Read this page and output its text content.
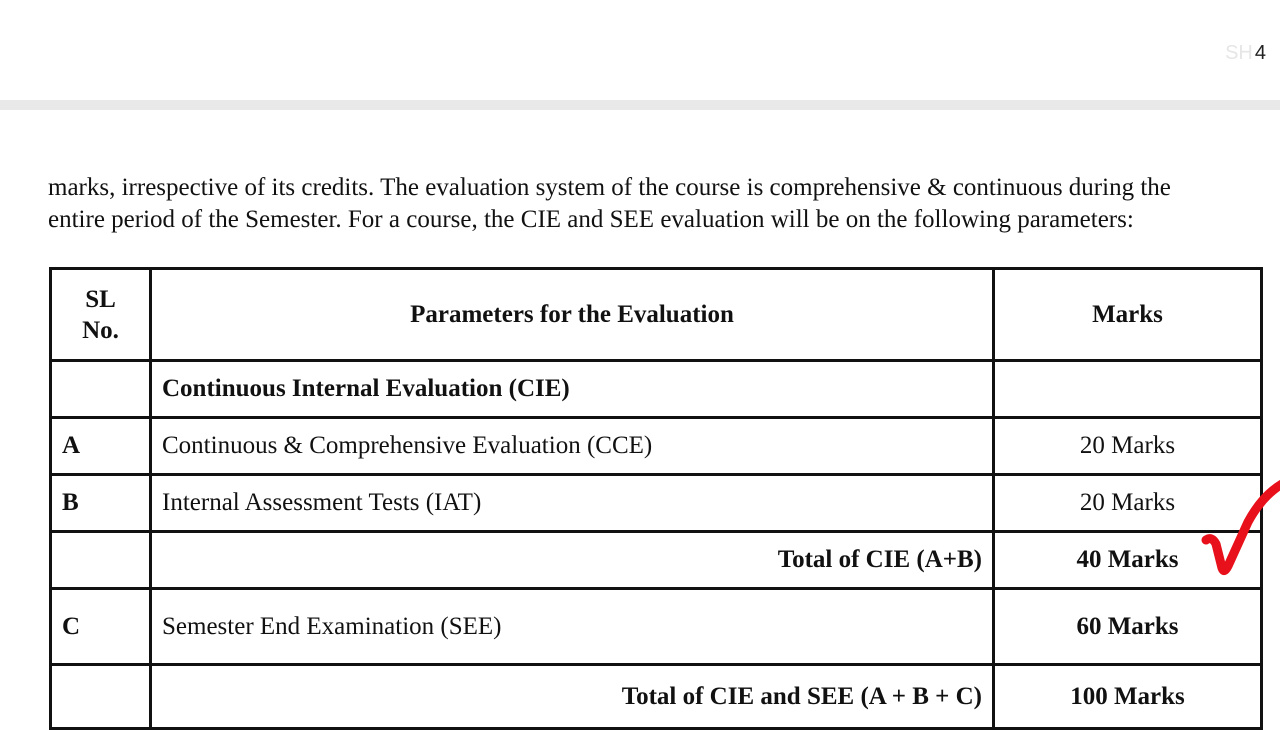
SH 4
marks, irrespective of its credits. The evaluation system of the course is comprehensive & continuous during the
entire period of the Semester. For a course, the CIE and SEE evaluation will be on the following parameters:
SL
No.	Parameters for the Evaluation	Marks
	Continuous Internal Evaluation (CIE)	
A	Continuous & Comprehensive Evaluation (CCE)	20 Marks
B	Internal Assessment Tests (IAT)	20 Marks
	Total of CIE (A+B)	40 Marks
C	Semester End Examination (SEE)	60 Marks
	Total of CIE and SEE (A + B + C)	100 Marks
